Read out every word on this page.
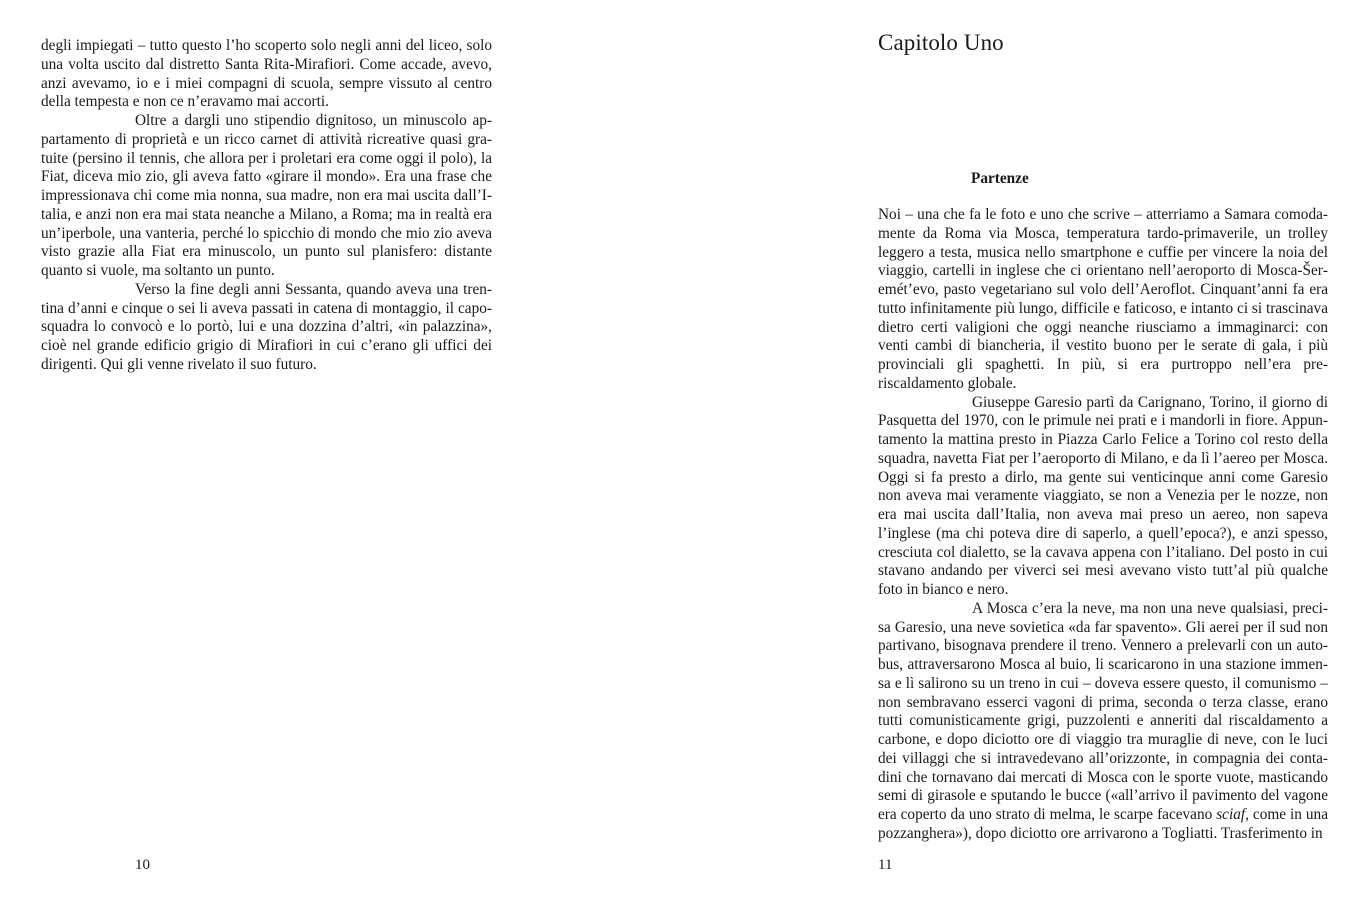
degli impiegati – tutto questo l’ho scoperto solo negli anni del liceo, solo una volta uscito dal distretto Santa Rita-Mirafiori. Come accade, avevo, anzi avevamo, io e i miei compagni di scuola, sempre vissuto al centro della tempesta e non ce n’eravamo mai accorti.

Oltre a dargli uno stipendio dignitoso, un minuscolo appartamento di proprietà e un ricco carnet di attività ricreative quasi gratuite (persino il tennis, che allora per i proletari era come oggi il polo), la Fiat, diceva mio zio, gli aveva fatto «girare il mondo». Era una frase che impressionava chi come mia nonna, sua madre, non era mai uscita dall’Italia, e anzi non era mai stata neanche a Milano, a Roma; ma in realtà era un’iperbole, una vanteria, perché lo spicchio di mondo che mio zio aveva visto grazie alla Fiat era minuscolo, un punto sul planisfero: distante quanto si vuole, ma soltanto un punto.

Verso la fine degli anni Sessanta, quando aveva una trentina d’anni e cinque o sei li aveva passati in catena di montaggio, il caposquadra lo convocò e lo portò, lui e una dozzina d’altri, «in palazzina», cioè nel grande edificio grigio di Mirafiori in cui c’erano gli uffici dei dirigenti. Qui gli venne rivelato il suo futuro.

10
Capitolo Uno
Partenze

Noi – una che fa le foto e uno che scrive – atterriamo a Samara comodamente da Roma via Mosca, temperatura tardo-primaverile, un trolley leggero a testa, musica nello smartphone e cuffie per vincere la noia del viaggio, cartelli in inglese che ci orientano nell’aeroporto di Mosca-Šeremét’evo, pasto vegetariano sul volo dell’Aeroflot. Cinquant’anni fa era tutto infinitamente più lungo, difficile e faticoso, e intanto ci si trascinava dietro certi valigioni che oggi neanche riusciamo a immaginarci: con venti cambi di biancheria, il vestito buono per le serate di gala, i più provinciali gli spaghetti. In più, si era purtroppo nell’era pre-riscaldamento globale.

Giuseppe Garesio partì da Carignano, Torino, il giorno di Pasquetta del 1970, con le primule nei prati e i mandorli in fiore. Appuntamento la mattina presto in Piazza Carlo Felice a Torino col resto della squadra, navetta Fiat per l’aeroporto di Milano, e da lì l’aereo per Mosca. Oggi si fa presto a dirlo, ma gente sui venticinque anni come Garesio non aveva mai veramente viaggiato, se non a Venezia per le nozze, non era mai uscita dall’Italia, non aveva mai preso un aereo, non sapeva l’inglese (ma chi poteva dire di saperlo, a quell’epoca?), e anzi spesso, cresciuta col dialetto, se la cavava appena con l’italiano. Del posto in cui stavano andando per viverci sei mesi avevano visto tutt’al più qualche foto in bianco e nero.

A Mosca c’era la neve, ma non una neve qualsiasi, precisa Garesio, una neve sovietica «da far spavento». Gli aerei per il sud non partivano, bisognava prendere il treno. Vennero a prelevarli con un autobus, attraversarono Mosca al buio, li scaricarono in una stazione immensa e lì salirono su un treno in cui – doveva essere questo, il comunismo – non sembravano esserci vagoni di prima, seconda o terza classe, erano tutti comunisticamente grigi, puzzolenti e anneriti dal riscaldamento a carbone, e dopo diciotto ore di viaggio tra muraglie di neve, con le luci dei villaggi che si intravedevano all’orizzonte, in compagnia dei contadini che tornavano dai mercati di Mosca con le sporte vuote, masticando semi di girasole e sputando le bucce («all’arrivo il pavimento del vagone era coperto da uno strato di melma, le scarpe facevano sciaf, come in una pozzanghera»), dopo diciotto ore arrivarono a Togliatti. Trasferimento in

11
